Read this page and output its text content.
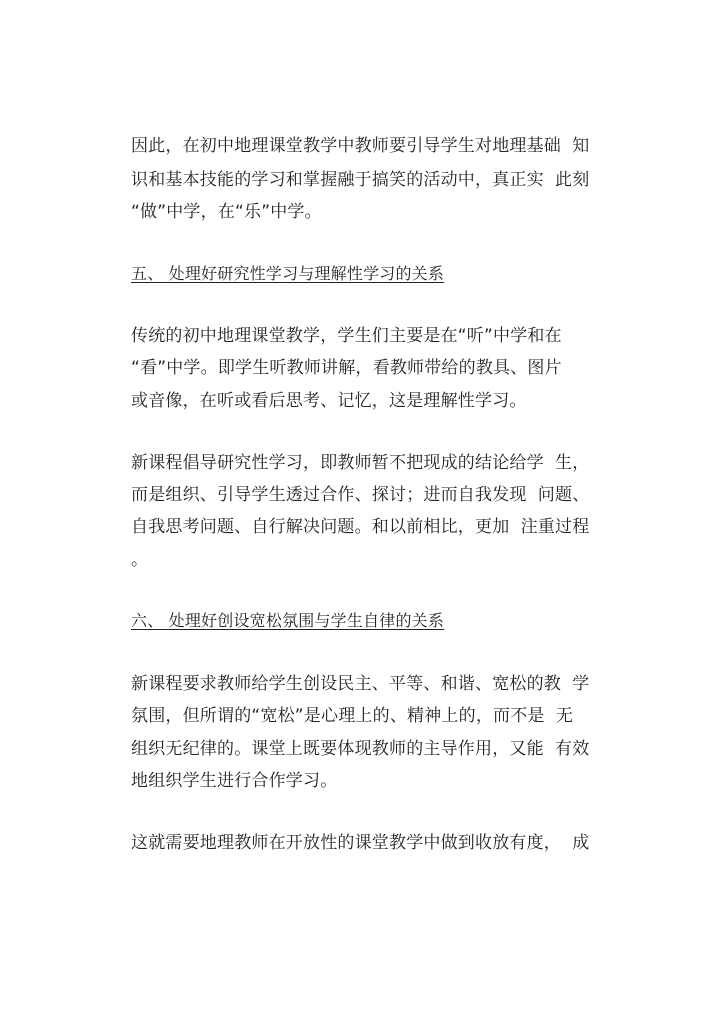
因此，在初中地理课堂教学中教师要引导学生对地理基础  知
识和基本技能的学习和掌握融于搞笑的活动中，真正实  此刻
“做”中学，在“乐”中学。
五、 处理好研究性学习与理解性学习的关系
传统的初中地理课堂教学，学生们主要是在“听”中学和在
“看”中学。即学生听教师讲解，看教师带给的教具、图片
或音像，在听或看后思考、记忆，这是理解性学习。
新课程倡导研究性学习，即教师暂不把现成的结论给学  生，
而是组织、引导学生透过合作、探讨；进而自我发现  问题、
自我思考问题、自行解决问题。和以前相比，更加  注重过程
。
六、 处理好创设宽松氛围与学生自律的关系
新课程要求教师给学生创设民主、平等、和谐、宽松的教  学
氛围，但所谓的“宽松”是心理上的、精神上的，而不是  无
组织无纪律的。课堂上既要体现教师的主导作用，又能  有效
地组织学生进行合作学习。
这就需要地理教师在开放性的课堂教学中做到收放有度，  成
